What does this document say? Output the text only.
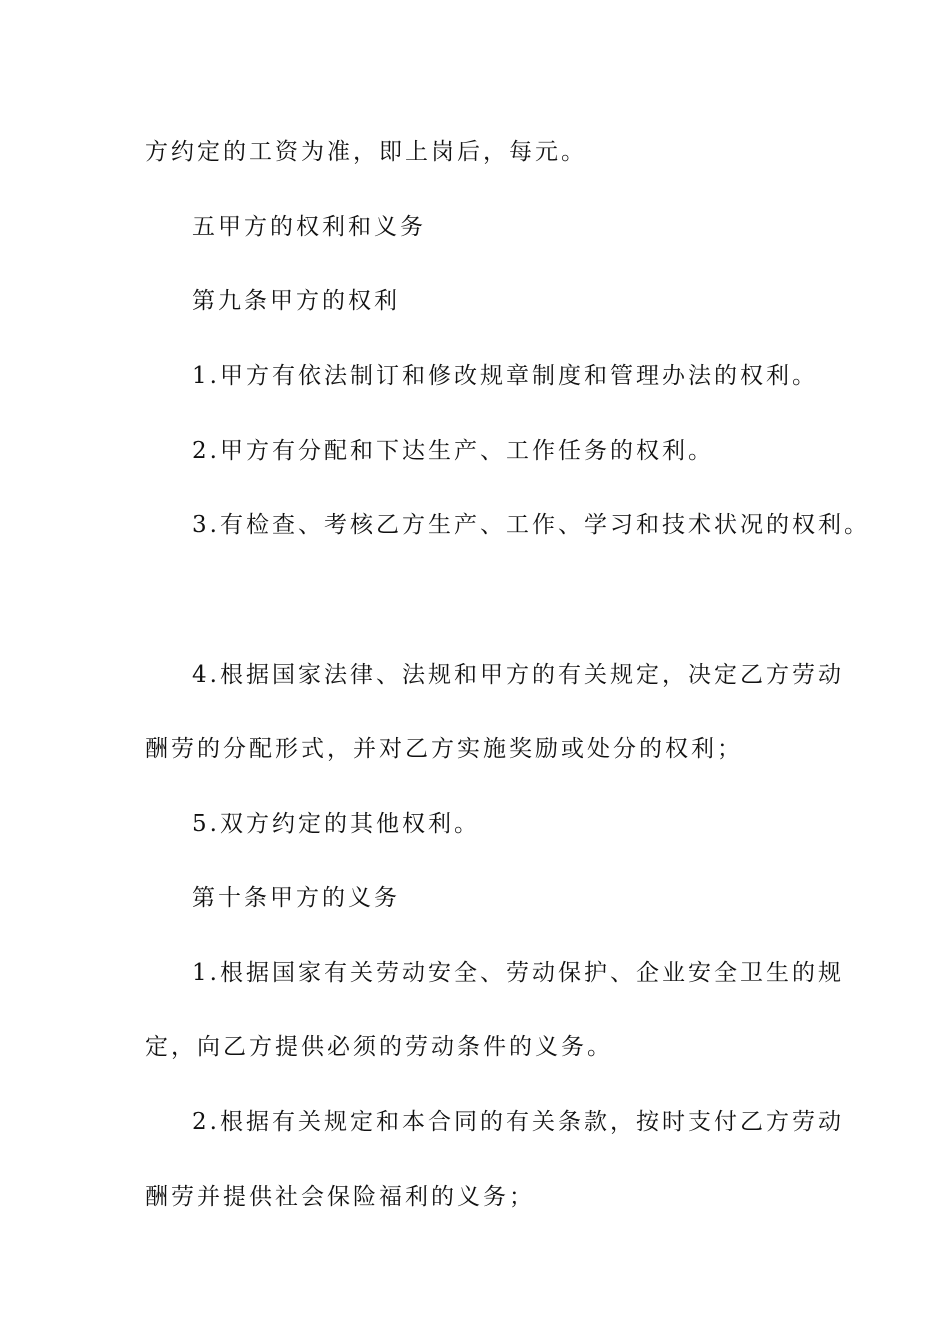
方约定的工资为准，即上岗后，每元。
五甲方的权利和义务
第九条甲方的权利
1.甲方有依法制订和修改规章制度和管理办法的权利。
2.甲方有分配和下达生产、工作任务的权利。
3.有检查、考核乙方生产、工作、学习和技术状况的权利。
4.根据国家法律、法规和甲方的有关规定，决定乙方劳动
酬劳的分配形式，并对乙方实施奖励或处分的权利；
5.双方约定的其他权利。
第十条甲方的义务
1.根据国家有关劳动安全、劳动保护、企业安全卫生的规
定，向乙方提供必须的劳动条件的义务。
2.根据有关规定和本合同的有关条款，按时支付乙方劳动
酬劳并提供社会保险福利的义务；
